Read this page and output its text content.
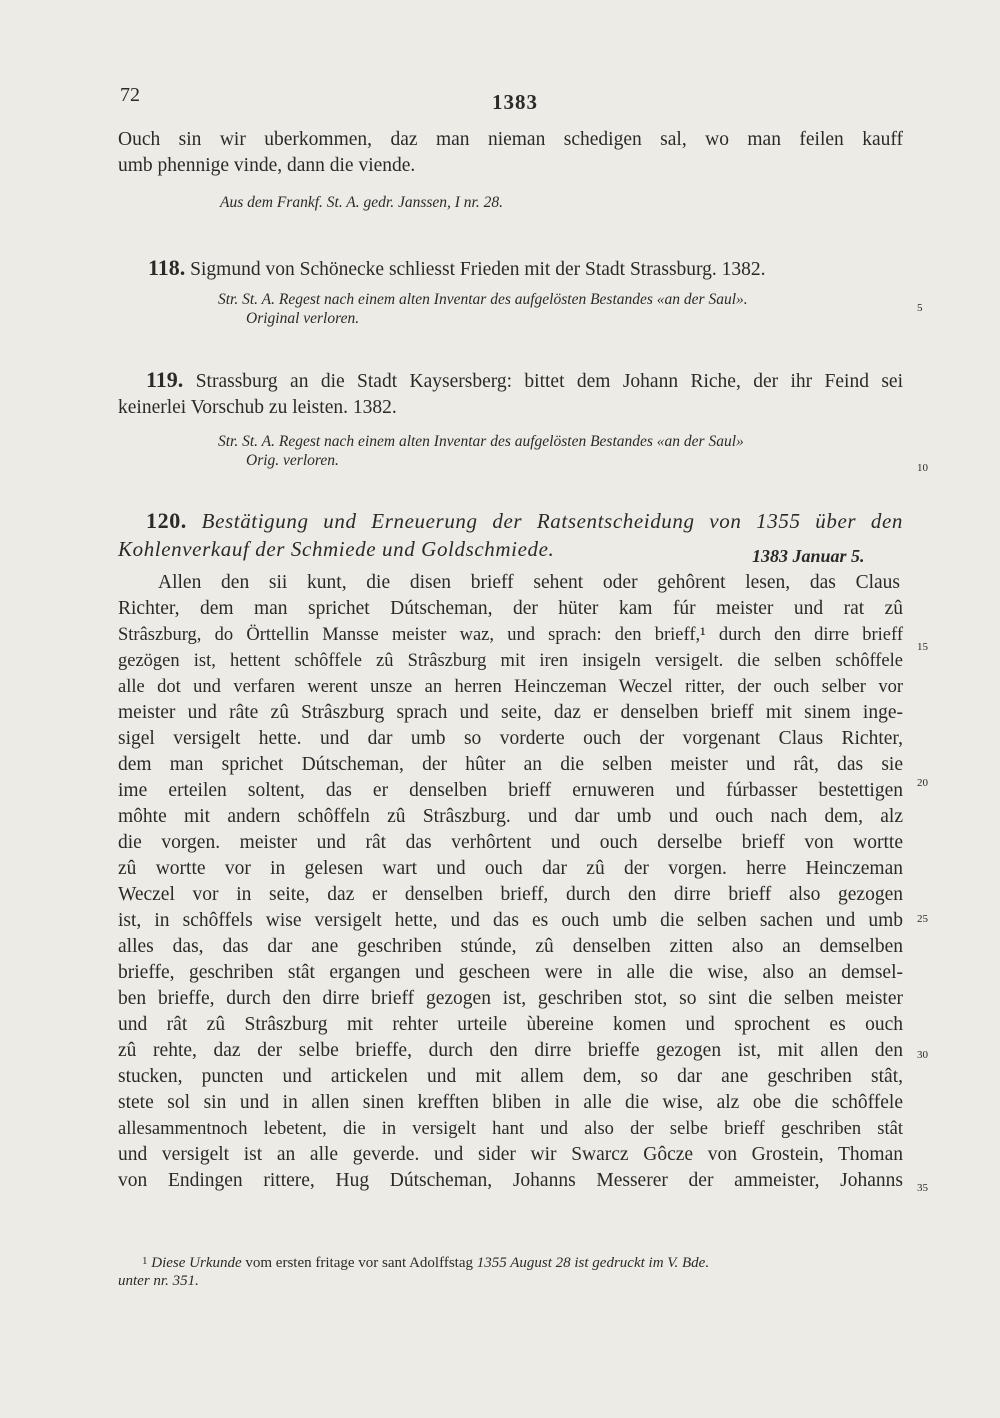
72	1383
Ouch sin wir uberkommen, daz man nieman schedigen sal, wo man feilen kauff
umb phennige vinde, dann die viende.
Aus dem Frankf. St. A. gedr. Janssen, I nr. 28.
118. Sigmund von Schönecke schliesst Frieden mit der Stadt Strassburg. 1382.
Str. St. A. Regest nach einem alten Inventar des aufgelösten Bestandes «an der Saul».
Original verloren.
119. Strassburg an die Stadt Kaysersberg: bittet dem Johann Riche, der ihr Feind sei
keinerlei Vorschub zu leisten. 1382.
Str. St. A. Regest nach einem alten Inventar des aufgelösten Bestandes «an der Saul»
Orig. verloren.
120. Bestätigung und Erneuerung der Ratsentscheidung von 1355 über den
Kohlenverkauf der Schmiede und Goldschmiede.	1383 Januar 5.
Allen den sii kunt, die disen brieff sehent oder gehôrent lesen, das Claus
Richter, dem man sprichet Dútscheman, der hüter kam fúr meister und rat zû
Strâszburg, do Örttellin Mansse meister waz, und sprach: den brieff,¹ durch den dirre brieff
gezögen ist, hettent schôffele zû Strâszburg mit iren insigeln versigelt. die selben schôffele
alle dot und verfaren werent unsze an herren Heinczeman Weczel ritter, der ouch selber vor
meister und râte zû Strâszburg sprach und seite, daz er denselben brieff mit sinem inge-
sigel versigelt hette. und dar umb so vorderte ouch der vorgenant Claus Richter,
dem man sprichet Dútscheman, der hûter an die selben meister und rât, das sie
ime erteilen soltent, das er denselben brieff ernuweren und fúrbasser bestettigen
môhte mit andern schôffeln zû Strâszburg. und dar umb und ouch nach dem, alz
die vorgen. meister und rât das verhôrtent und ouch derselbe brieff von wortte
zû wortte vor in gelesen wart und ouch dar zû der vorgen. herre Heinczeman
Weczel vor in seite, daz er denselben brieff, durch den dirre brieff also gezogen
ist, in schôffels wise versigelt hette, und das es ouch umb die selben sachen und umb
alles das, das dar ane geschriben stúnde, zû denselben zitten also an demselben
brieffe, geschriben stât ergangen und gescheen were in alle die wise, also an demsel-
ben brieffe, durch den dirre brieff gezogen ist, geschriben stot, so sint die selben meister
und rât zû Strâszburg mit rehter urteile ùbereine komen und sprochent es ouch
zû rehte, daz der selbe brieffe, durch den dirre brieffe gezogen ist, mit allen den
stucken, puncten und artickelen und mit allem dem, so dar ane geschriben stât,
stete sol sin und in allen sinen krefften bliben in alle die wise, alz obe die schôffele
allesammentnoch lebetent, die in versigelt hant und also der selbe brieff geschriben stât
und versigelt ist an alle geverde. und sider wir Swarcz Gôcze von Grostein, Thoman
von Endingen rittere, Hug Dútscheman, Johanns Messerer der ammeister, Johanns
5
10
15
20
25
30
35
$^1$ Diese Urkunde vom ersten fritage vor sant Adolffstag 1355 August 28 ist gedruckt im V. Bde.
unter nr. 351.
